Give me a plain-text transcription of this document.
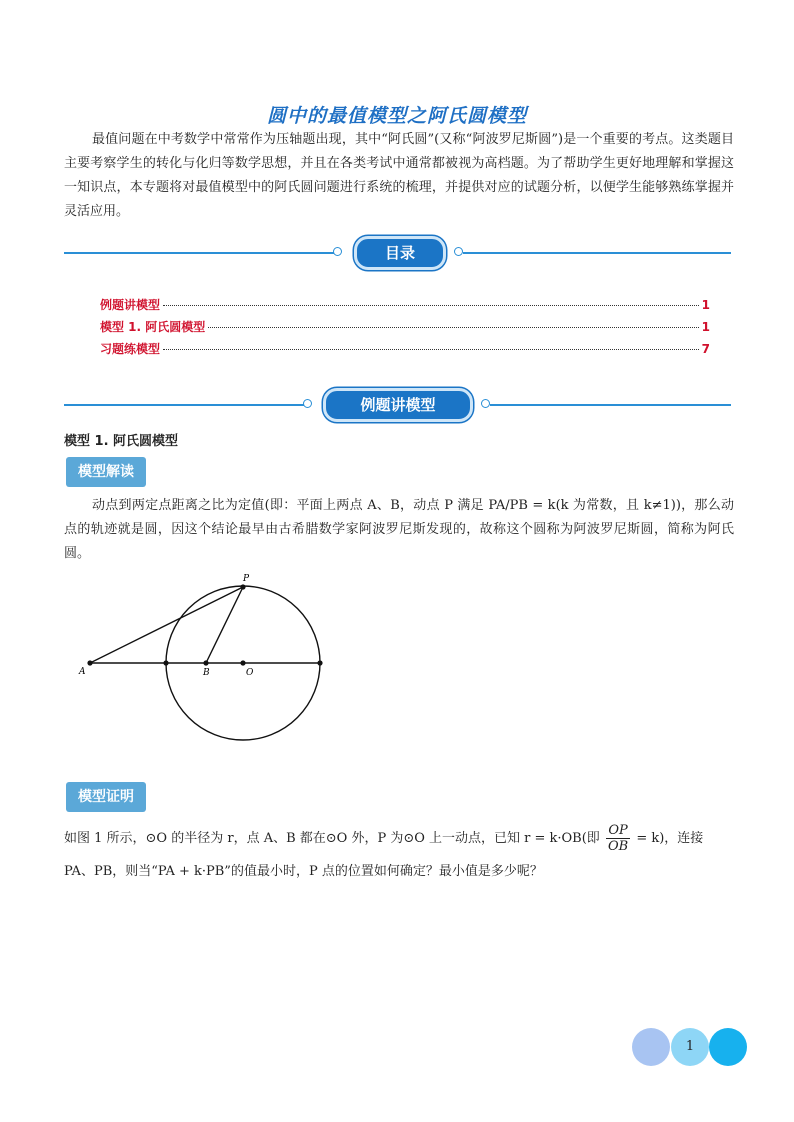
圆中的最值模型之阿氏圆模型

最值问题在中考数学中常常作为压轴题出现，其中“阿氏圆”(又称“阿波罗尼斯圆”)是一个重要的考点。这类题目主要考察学生的转化与化归等数学思想，并且在各类考试中通常都被视为高档题。为了帮助学生更好地理解和掌握这一知识点，本专题将对最值模型中的阿氏圆问题进行系统的梳理，并提供对应的试题分析，以便学生能够熟练掌握并灵活应用。

目录
例题讲模型	1
模型 1. 阿氏圆模型	1
习题练模型	7
例题讲模型
模型 1. 阿氏圆模型
模型解读

动点到两定点距离之比为定值(即：平面上两点 A、B，动点 P 满足 PA/PB = k(k 为常数，且 k≠1))，那么动点的轨迹就是圆，因这个结论最早由古希腊数学家阿波罗尼斯发现的，故称这个圆称为阿波罗尼斯圆，简称为阿氏圆。

P
A	B	O
模型证明
如图 1 所示，⊙O 的半径为 r，点 A、B 都在⊙O 外，P 为⊙O 上一动点，已知 r = k·OB(即 $\frac{OP}{OB} = k$)，连接
PA、PB，则当“PA + k·PB”的值最小时，P 点的位置如何确定？最小值是多少呢？
1
